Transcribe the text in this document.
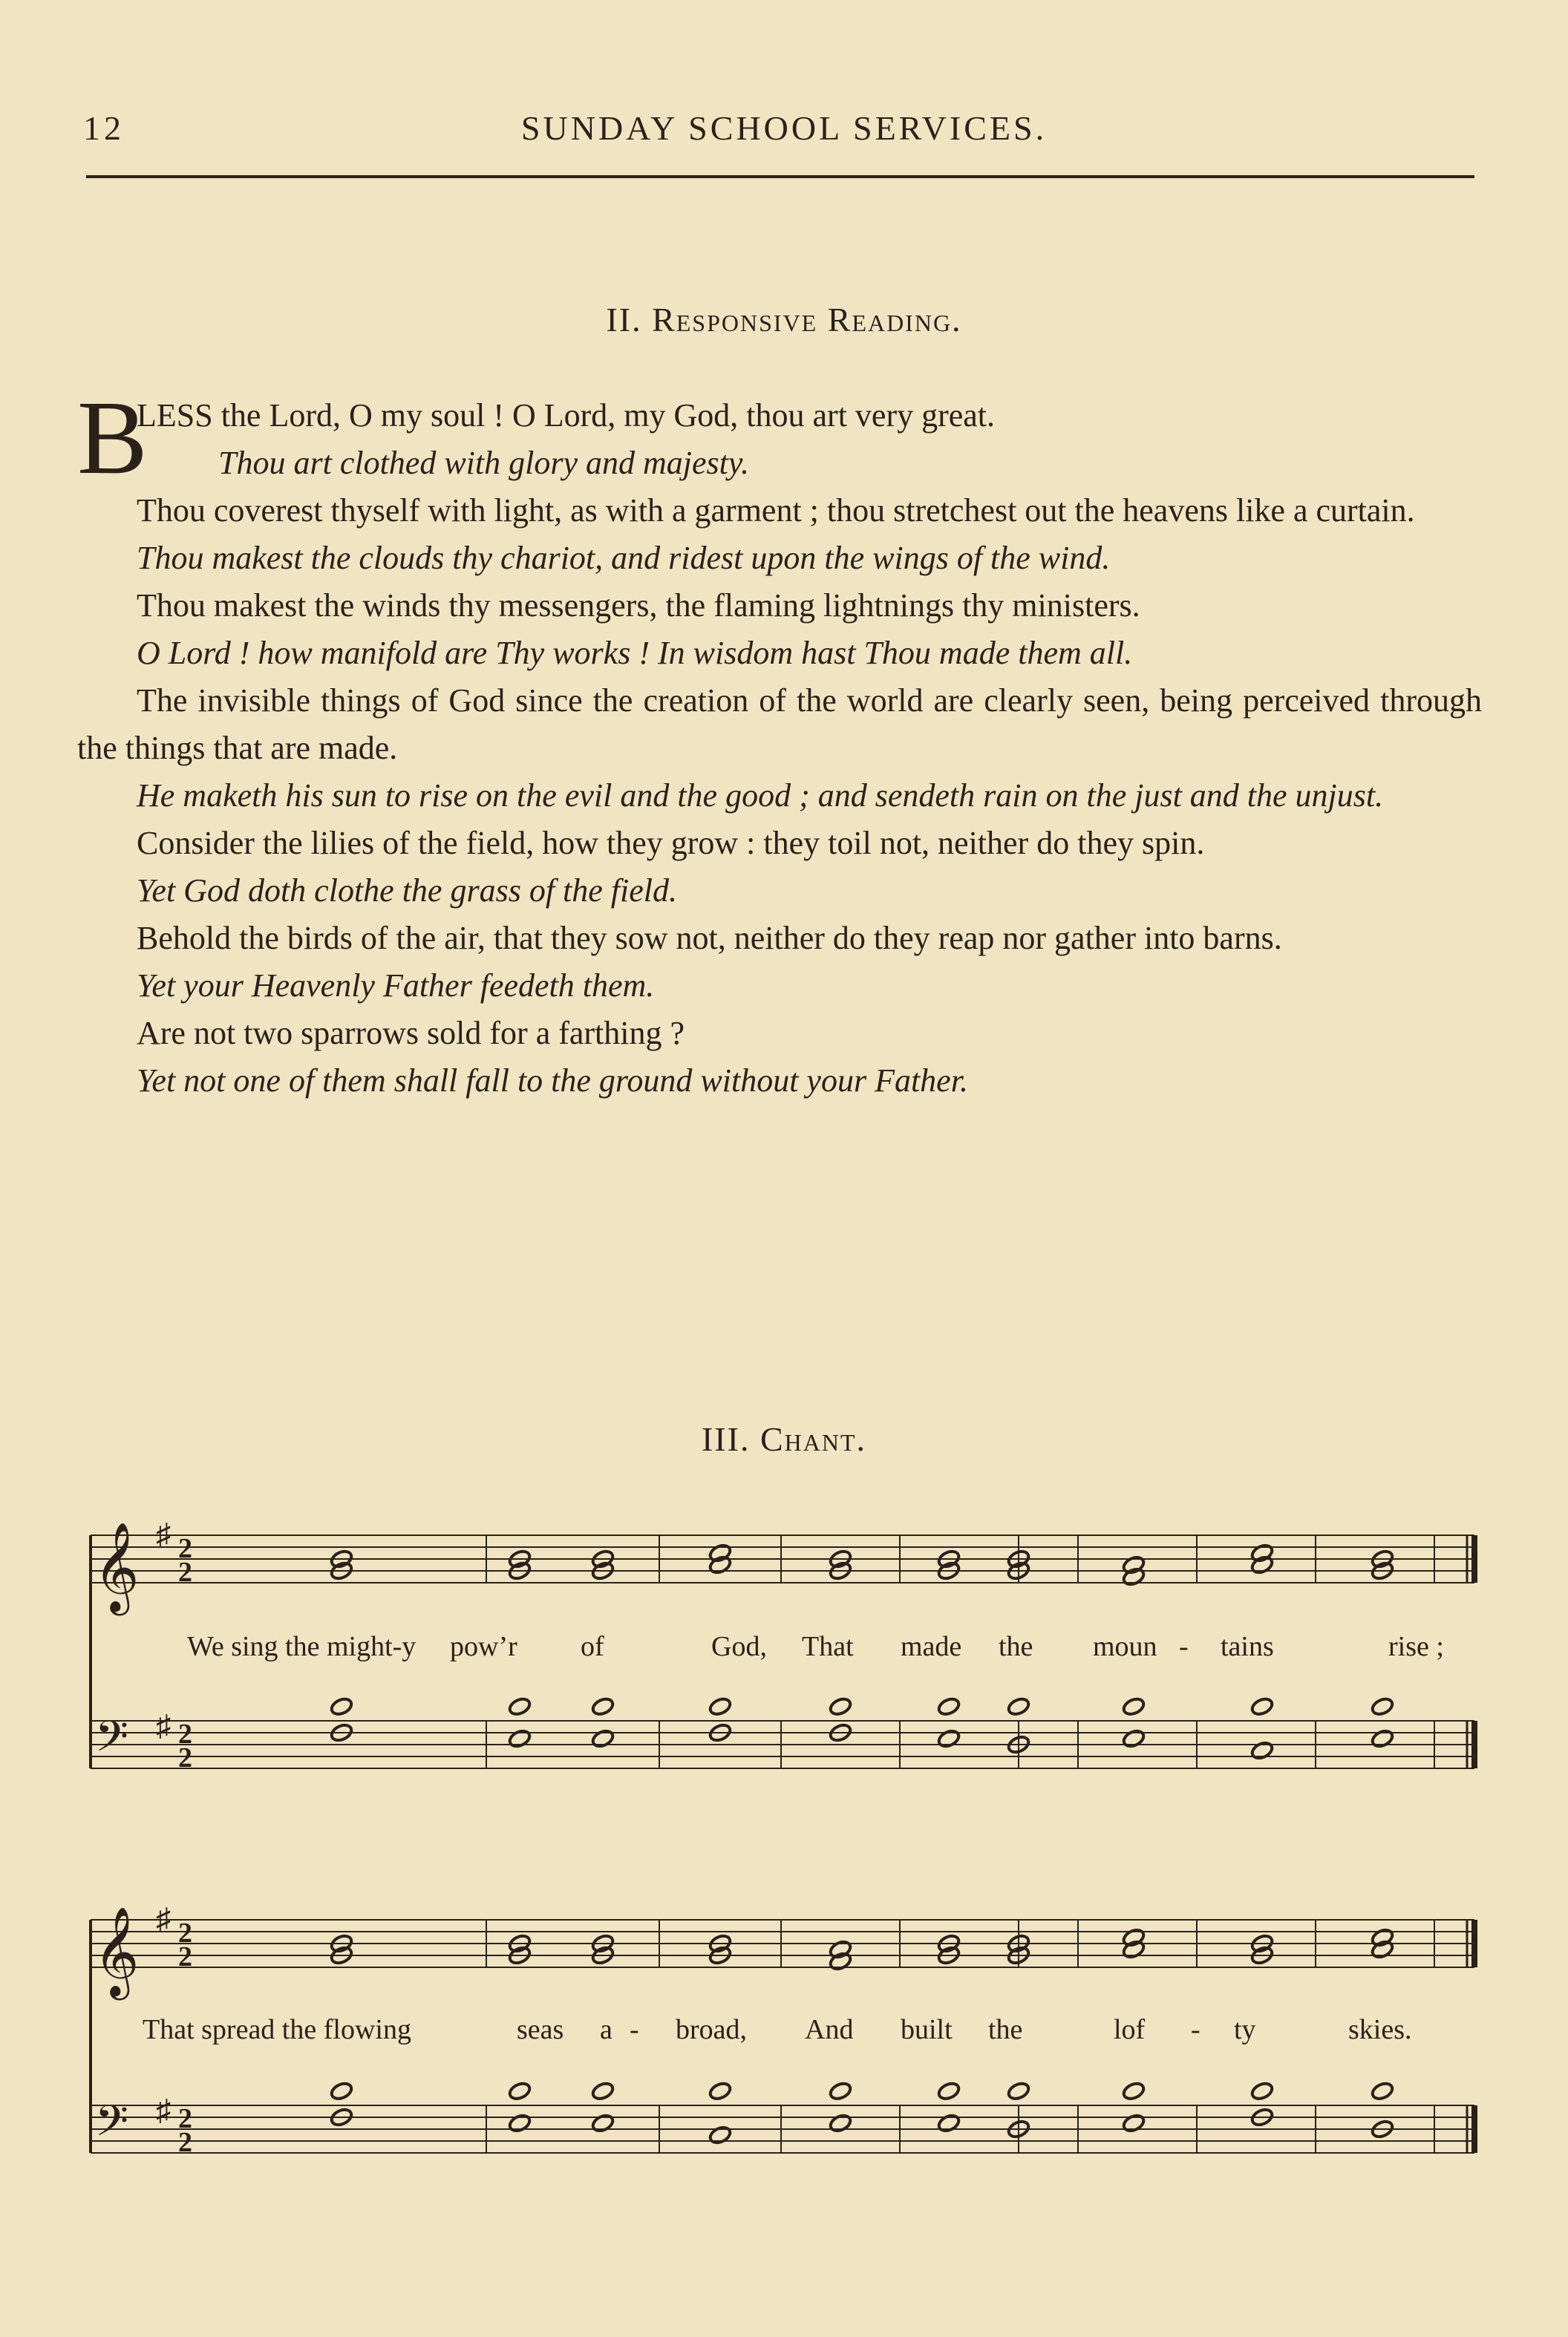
12	SUNDAY SCHOOL SERVICES.
II. Responsive Reading.

B
LESS the Lord, O my soul ! O Lord, my God, thou art very great.
Thou art clothed with glory and majesty.

Thou coverest thyself with light, as with a garment ; thou stretchest out the heavens like a curtain.

Thou makest the clouds thy chariot, and ridest upon the wings of the wind.

Thou makest the winds thy messengers, the flaming lightnings thy ministers.

O Lord ! how manifold are Thy works ! In wisdom hast Thou made them all.

The invisible things of God since the creation of the world are clearly seen, being perceived through the things that are made.

He maketh his sun to rise on the evil and the good ; and sendeth rain on the just and the unjust.

Consider the lilies of the field, how they grow : they toil not, neither do they spin.

Yet God doth clothe the grass of the field.

Behold the birds of the air, that they sow not, neither do they reap nor gather into barns.

Yet your Heavenly Father feedeth them.

Are not two sparrows sold for a farthing ?

Yet not one of them shall fall to the ground without your Father.

III. Chant.
𝄞
𝄢
♯
♯
2
2
2
2
We sing the might-y pow’r of	God, That made the moun - tains	rise ;
𝄞
𝄢
♯
♯
2
2
2
2
That spread the flowing	seas a - broad, And built the	lof - ty	skies.
